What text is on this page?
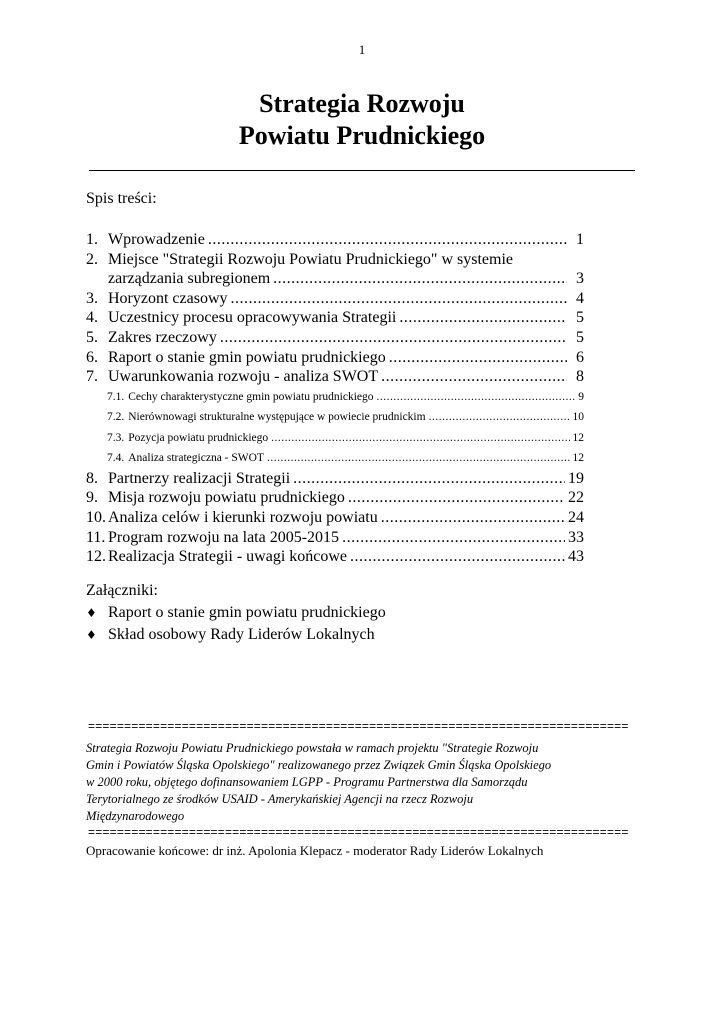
1
Strategia Rozwoju
Powiatu Prudnickiego
Spis treści:
1. Wprowadzenie .....	1
2. Miejsce "Strategii Rozwoju Powiatu Prudnickiego" w systemie
zarządzania subregionem .....	3
3. Horyzont czasowy .....	4
4. Uczestnicy procesu opracowywania Strategii .....	5
5. Zakres rzeczowy .....	5
6. Raport o stanie gmin powiatu prudnickiego .....	6
7. Uwarunkowania rozwoju - analiza SWOT .....	8
7.1. Cechy charakterystyczne gmin powiatu prudnickiego .....	9
7.2. Nierównowagi strukturalne występujące w powiecie prudnickim .....	10
7.3. Pozycja powiatu prudnickiego .....	12
7.4. Analiza strategiczna - SWOT .....	12
8. Partnerzy realizacji Strategii .....	19
9. Misja rozwoju powiatu prudnickiego .....	22
10. Analiza celów i kierunki rozwoju powiatu .....	24
11. Program rozwoju na lata 2005-2015 .....	33
12. Realizacja Strategii - uwagi końcowe .....	43
Załączniki:
♦ Raport o stanie gmin powiatu prudnickiego
♦ Skład osobowy Rady Liderów Lokalnych
=====
Strategia Rozwoju Powiatu Prudnickiego powstała w ramach projektu "Strategie Rozwoju
Gmin i Powiatów Śląska Opolskiego" realizowanego przez Związek Gmin Śląska Opolskiego
w 2000 roku, objętego dofinansowaniem LGPP - Programu Partnerstwa dla Samorządu
Terytorialnego ze środków USAID - Amerykańskiej Agencji na rzecz Rozwoju
Międzynarodowego
=====
Opracowanie końcowe: dr inż. Apolonia Klepacz - moderator Rady Liderów Lokalnych
